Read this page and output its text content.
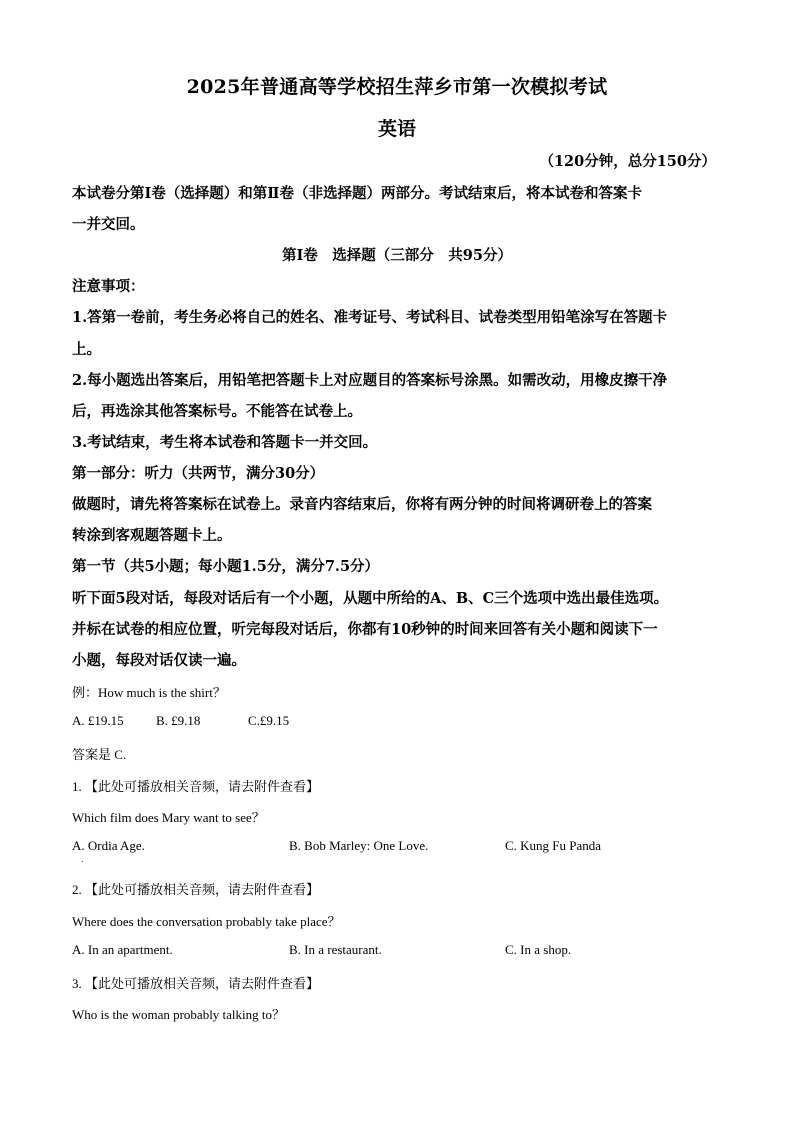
2025年普通高等学校招生萍乡市第一次模拟考试
英语
（120分钟，总分150分）
本试卷分第Ⅰ卷（选择题）和第Ⅱ卷（非选择题）两部分。考试结束后，将本试卷和答案卡
一并交回。
第Ⅰ卷　选择题（三部分　共95分）
注意事项：
1.答第一卷前，考生务必将自己的姓名、准考证号、考试科目、试卷类型用铅笔涂写在答题卡
上。
2.每小题选出答案后，用铅笔把答题卡上对应题目的答案标号涂黑。如需改动，用橡皮擦干净
后，再选涂其他答案标号。不能答在试卷上。
3.考试结束，考生将本试卷和答题卡一并交回。
第一部分：听力（共两节，满分30分）
做题时，请先将答案标在试卷上。录音内容结束后，你将有两分钟的时间将调研卷上的答案
转涂到客观题答题卡上。
第一节（共5小题；每小题1.5分，满分7.5分）
听下面5段对话，每段对话后有一个小题，从题中所给的A、B、C三个选项中选出最佳选项。
并标在试卷的相应位置，听完每段对话后，你都有10秒钟的时间来回答有关小题和阅读下一
小题，每段对话仅读一遍。
例：How much is the shirt？
A. £19.15 B. £9.18	C.£9.15
答案是 C.
1. 【此处可播放相关音频，请去附件查看】
Which film does Mary want to see？
A. Ordia Age.
.
B. Bob Marley: One Love.	C. Kung Fu Panda
2. 【此处可播放相关音频，请去附件查看】
Where does the conversation probably take place？
A. In an apartment.	B. In a restaurant.	C. In a shop.
3. 【此处可播放相关音频，请去附件查看】
Who is the woman probably talking to？
